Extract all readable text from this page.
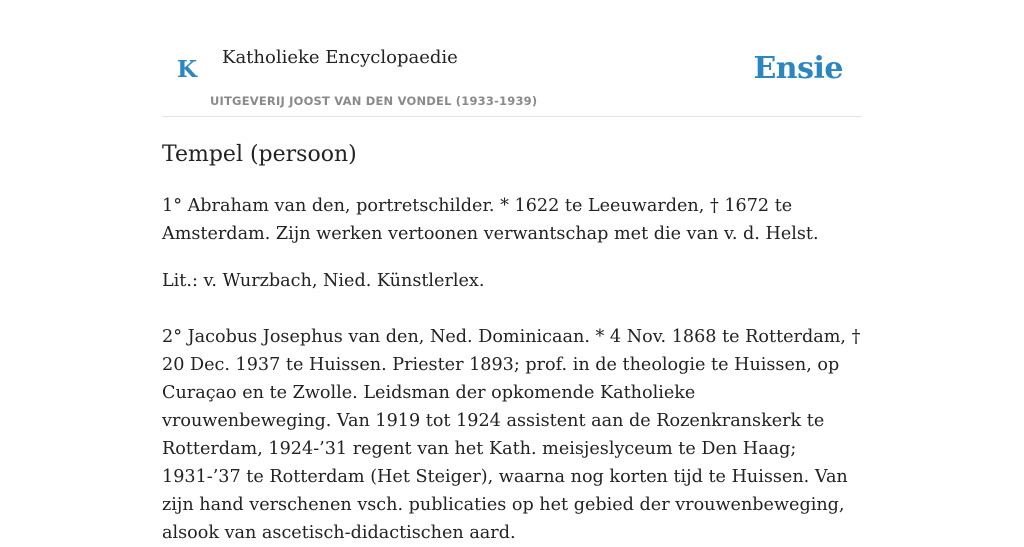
K Katholieke Encyclopaedie
UITGEVERIJ JOOST VAN DEN VONDEL (1933-1939)
Ensie
Tempel (persoon)

1° Abraham van den, portretschilder. * 1622 te Leeuwarden, † 1672 te Amsterdam. Zijn werken vertoonen verwantschap met die van v. d. Helst.

Lit.: v. Wurzbach, Nied. Künstlerlex.

2° Jacobus Josephus van den, Ned. Dominicaan. * 4 Nov. 1868 te Rotterdam, † 20 Dec. 1937 te Huissen. Priester 1893; prof. in de theologie te Huissen, op Curaçao en te Zwolle. Leidsman der opkomende Katholieke vrouwenbeweging. Van 1919 tot 1924 assistent aan de Rozenkranskerk te Rotterdam, 1924-’31 regent van het Kath. meisjeslyceum te Den Haag; 1931-’37 te Rotterdam (Het Steiger), waarna nog korten tijd te Huissen. Van zijn hand verschenen vsch. publicaties op het gebied der vrouwenbeweging, alsook van ascetisch-didactischen aard.
